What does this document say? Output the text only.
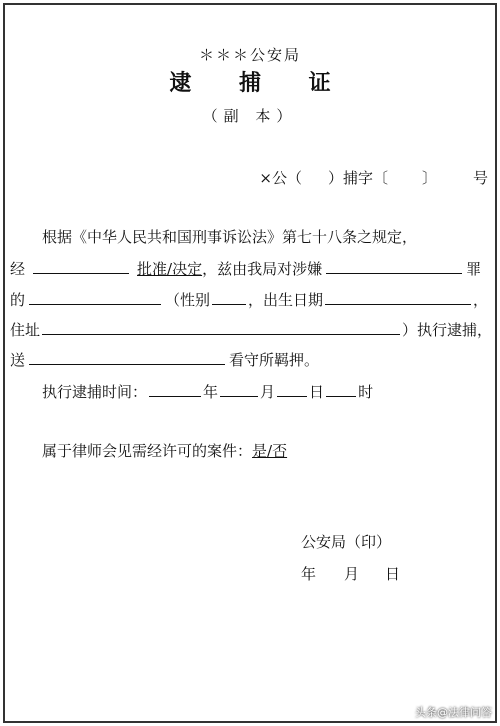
＊＊＊公安局
逮 捕 证
（副 本）
×公（ ）捕字〔 〕 号
根据《中华人民共和国刑事诉讼法》第七十八条之规定，
经	批准/决定，兹由我局对涉嫌	罪
的	（性别	，出生日期	，
住址	）执行逮捕，
送	看守所羁押。
执行逮捕时间：	年	月 日 时
属于律师会见需经许可的案件：是/否
公安局（印）
年 月 日
头条@法律问答
